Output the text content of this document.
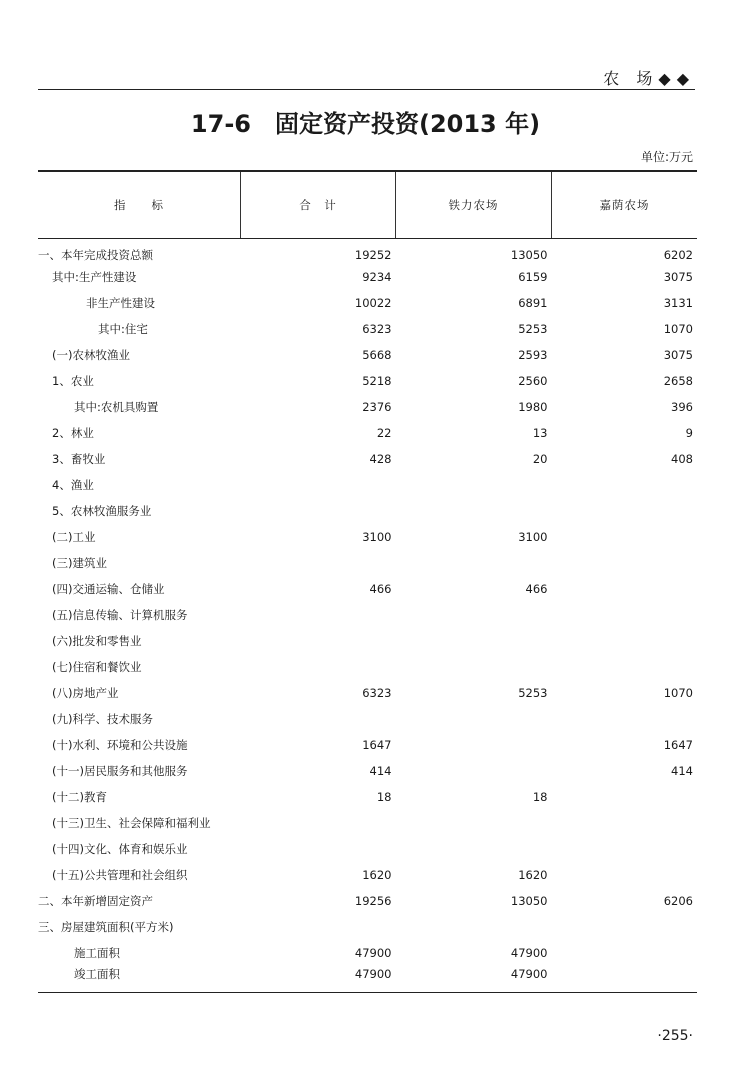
农 场◆◆
17-6　固定资产投资(2013 年)
单位:万元
指　　标	合　计	铁力农场	嘉荫农场
一、本年完成投资总额	19252	13050	6202
其中:生产性建设	9234	6159	3075
非生产性建设	10022	6891	3131
其中:住宅	6323	5253	1070
(一)农林牧渔业	5668	2593	3075
1、农业	5218	2560	2658
其中:农机具购置	2376	1980	396
2、林业	22	13	9
3、畜牧业	428	20	408
4、渔业			
5、农林牧渔服务业			
(二)工业	3100	3100	
(三)建筑业			
(四)交通运输、仓储业	466	466	
(五)信息传输、计算机服务			
(六)批发和零售业			
(七)住宿和餐饮业			
(八)房地产业	6323	5253	1070
(九)科学、技术服务			
(十)水利、环境和公共设施	1647		1647
(十一)居民服务和其他服务	414		414
(十二)教育	18	18	
(十三)卫生、社会保障和福利业			
(十四)文化、体育和娱乐业			
(十五)公共管理和社会组织	1620	1620	
二、本年新增固定资产	19256	13050	6206
三、房屋建筑面积(平方米)			
施工面积	47900	47900	
竣工面积	47900	47900	
·255·
